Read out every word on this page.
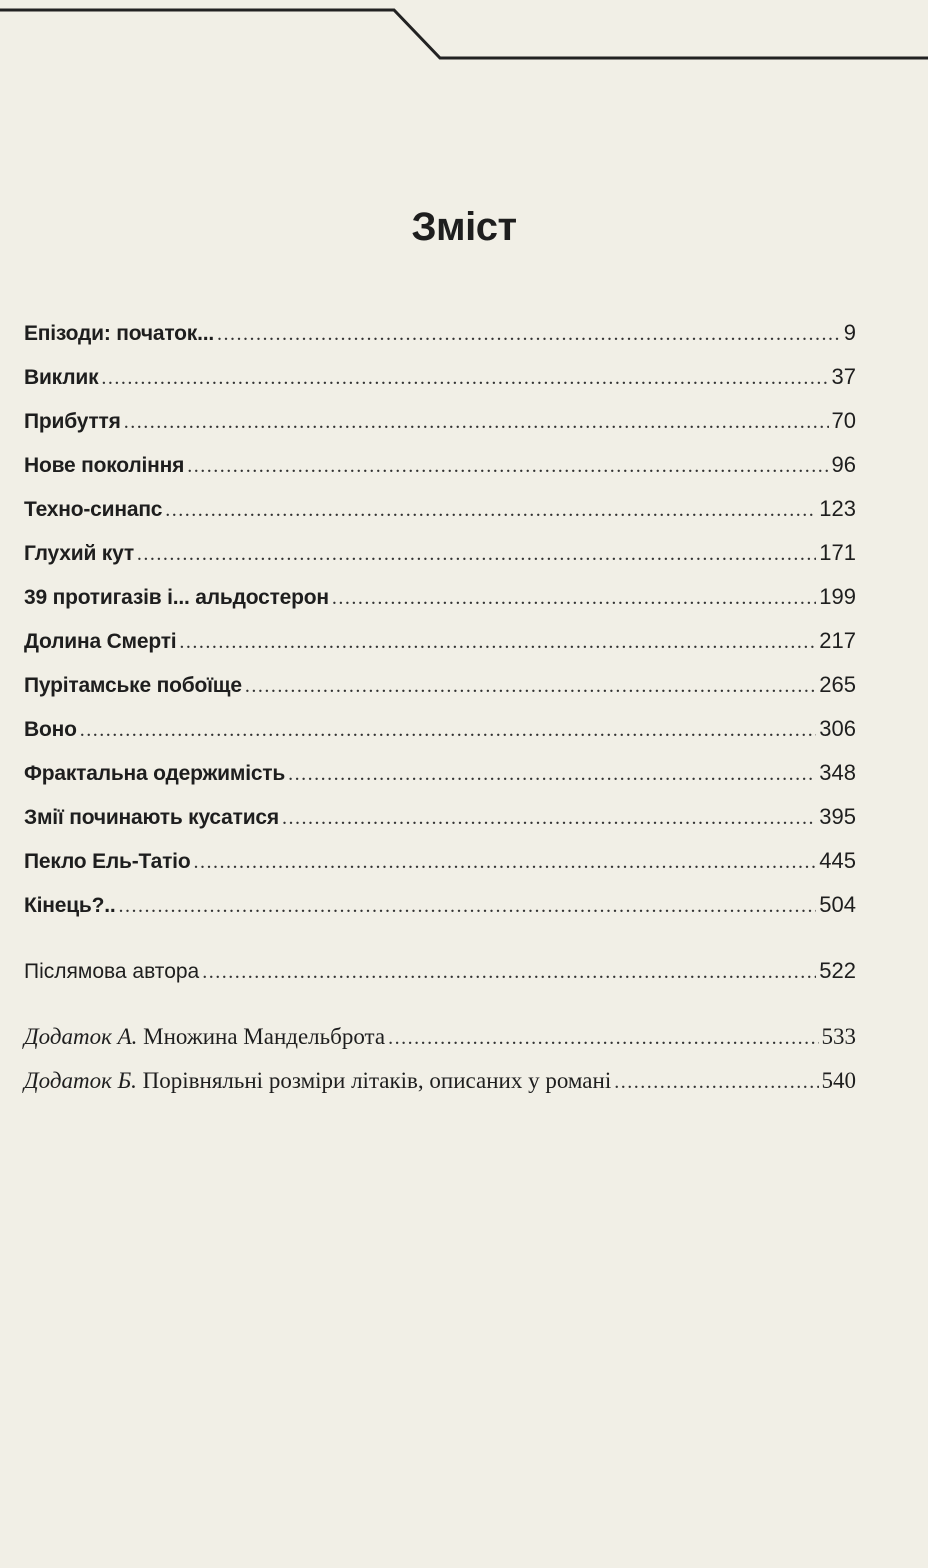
Зміст
Епізоди: початок... .....	9
Виклик .....	37
Прибуття .....	70
Нове покоління .....	96
Техно-синапс .....	123
Глухий кут .....	171
39 протигазів і... альдостерон .....	199
Долина Смерті .....	217
Пурітамське побоїще .....	265
Воно .....	306
Фрактальна одержимість .....	348
Змії починають кусатися .....	395
Пекло Ель-Татіо .....	445
Кінець?.. .....	504
Післямова автора .....	522
Додаток А. Множина Мандельброта .....	533
Додаток Б. Порівняльні розміри літаків, описаних у романі .....	540
